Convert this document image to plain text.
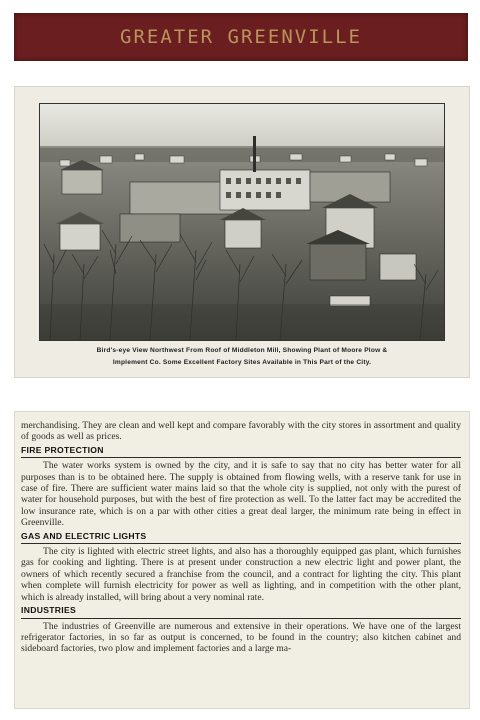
GREATER GREENVILLE
Bird's-eye View Northwest From Roof of Middleton Mill, Showing Plant of Moore Plow &
Implement Co. Some Excellent Factory Sites Available in This Part of the City.

merchandising. They are clean and well kept and compare favorably with the city stores in assortment and quality of goods as well as prices.

FIRE PROTECTION

The water works system is owned by the city, and it is safe to say that no city has better water for all purposes than is to be obtained here. The supply is obtained from flowing wells, with a reserve tank for use in case of fire. There are sufficient water mains laid so that the whole city is supplied, not only with the purest of water for household purposes, but with the best of fire protection as well. To the latter fact may be accredited the low insurance rate, which is on a par with other cities a great deal larger, the minimum rate being in effect in Greenville.

GAS AND ELECTRIC LIGHTS

The city is lighted with electric street lights, and also has a thoroughly equipped gas plant, which furnishes gas for cooking and lighting. There is at present under construction a new electric light and power plant, the owners of which recently secured a franchise from the council, and a contract for lighting the city. This plant when complete will furnish electricity for power as well as lighting, and in competition with the other plant, which is already installed, will bring about a very nominal rate.

INDUSTRIES

The industries of Greenville are numerous and extensive in their operations. We have one of the largest refrigerator factories, in so far as output is concerned, to be found in the country; also kitchen cabinet and sideboard factories, two plow and implement factories and a large ma-
